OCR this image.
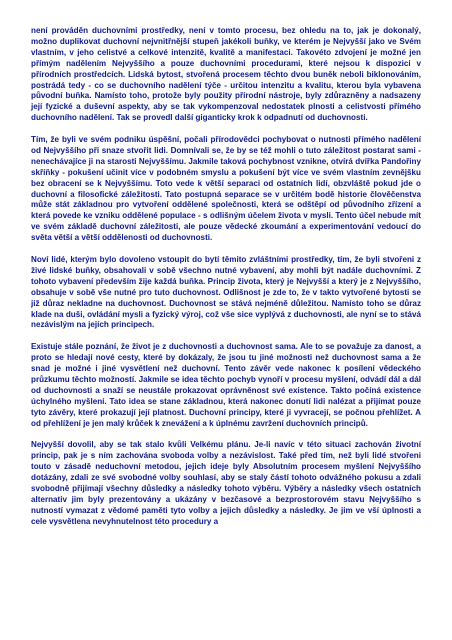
není prováděn duchovními prostředky, není v tomto procesu, bez ohledu na to, jak je dokonalý, možno duplikovat duchovní nejvnitřnější stupeň jakékoli buňky, ve kterém je Nejvyšší jako ve Svém vlastním, v jeho celistvé a celkové intenzitě, kvalitě a manifestaci. Takovéto zdvojení je možné jen přímým nadělením Nejvyššího a pouze duchovními procedurami, které nejsou k dispozici v přírodních prostředcích. Lidská bytost, stvořená procesem těchto dvou buněk neboli biklonováním, postrádá tedy - co se duchovního nadělení týče - určitou intenzitu a kvalitu, kterou byla vybavena původní buňka. Namísto toho, protože byly použity přírodní nástroje, byly zdůrazněny a nadsazeny její fyzické a duševní aspekty, aby se tak vykompenzoval nedostatek plnosti a celistvosti přímého duchovního nadělení. Tak se provedl další giganticky krok k odpadnutí od duchovnosti.

Tím, že byli ve svém podniku úspěšní, počali přírodovědci pochybovat o nutnosti přímého nadělení od Nejvyššího při snaze stvořit lidi. Domnívali se, že by se též mohli o tuto záležitost postarat sami - nenechávajíce ji na starosti Nejvyššímu. Jakmile taková pochybnost vznikne, otvírá dvířka Pandořiny skříňky - pokušení učinit více v podobném smyslu a pokušení být více ve svém vlastním zevnějšku bez obracení se k Nejvyššímu. Toto vede k větší separaci od ostatních lidí, obzvláště pokud jde o duchovní a filosofické záležitosti. Tato postupná separace se v určitém bodě historie člověčenstva může stát základnou pro vytvoření oddělené společnosti, která se odštěpí od původního zřízení a která povede ke vzniku oddělené populace - s odlišným účelem života v mysli. Tento účel nebude mít ve svém základě duchovní záležitosti, ale pouze vědecké zkoumání a experimentování vedoucí do světa větší a větší oddělenosti od duchovnosti.

Noví lidé, kterým bylo dovoleno vstoupit do bytí těmito zvláštními prostředky, tím, že byli stvořeni z živé lidské buňky, obsahovali v sobě všechno nutné vybavení, aby mohli být nadále duchovními. Z tohoto vybavení především žije každá buňka. Princip života, který je Nejvyšší a který je z Nejvyššího, obsahuje v sobě vše nutné pro tuto duchovnost. Odlišnost je zde to, že v takto vytvořené bytosti se již důraz nekladne na duchovnost. Duchovnost se stává nejméně důležitou. Namísto toho se důraz klade na duši, ovládání mysli a fyzický výroj, což vše sice vyplývá z duchovnosti, ale nyní se to stává nezávislým na jejích principech.

Existuje stále poznání, že život je z duchovnosti a duchovnost sama. Ale to se považuje za danost, a proto se hledají nové cesty, které by dokázaly, že jsou tu jiné možnosti než duchovnost sama a že snad je možné i jiné vysvětlení než duchovní. Tento závěr vede nakonec k posílení vědeckého průzkumu těchto možností. Jakmile se idea těchto pochyb vynoří v procesu myšlení, odvádí dál a dál od duchovnosti a snaží se neustále prokazovat oprávněnost své existence. Takto počíná existence úchylného myšlení. Tato idea se stane základnou, která nakonec donutí lidi nalézat a přijímat pouze tyto závěry, které prokazují její platnost. Duchovní principy, které ji vyvracejí, se počnou přehlížet. A od přehlížení je jen malý krůček k znevážení a k úplnému zavržení duchovních principů.

Nejvyšší dovolil, aby se tak stalo kvůli Velkému plánu. Je-li navíc v této situaci zachován životní princip, pak je s ním zachována svoboda volby a nezávislost. Také před tím, než byli lidé stvořeni touto v zásadě neduchovní metodou, jejich ideje byly Absolutním procesem myšlení Nejvyššího dotázány, zdali ze své svobodné volby souhlasí, aby se staly částí tohoto odvážného pokusu a zdali svobodně přijímají všechny důsledky a následky tohoto výběru. Výběry a následky všech ostatních alternativ jim byly prezentovány a ukázány v bezčasové a bezprostorovém stavu Nejvyššího s nutností vymazat z vědomé paměti tyto volby a jejich důsledky a následky. Je jim ve vší úplnosti a cele vysvětlena nevyhnutelnost této procedury a
